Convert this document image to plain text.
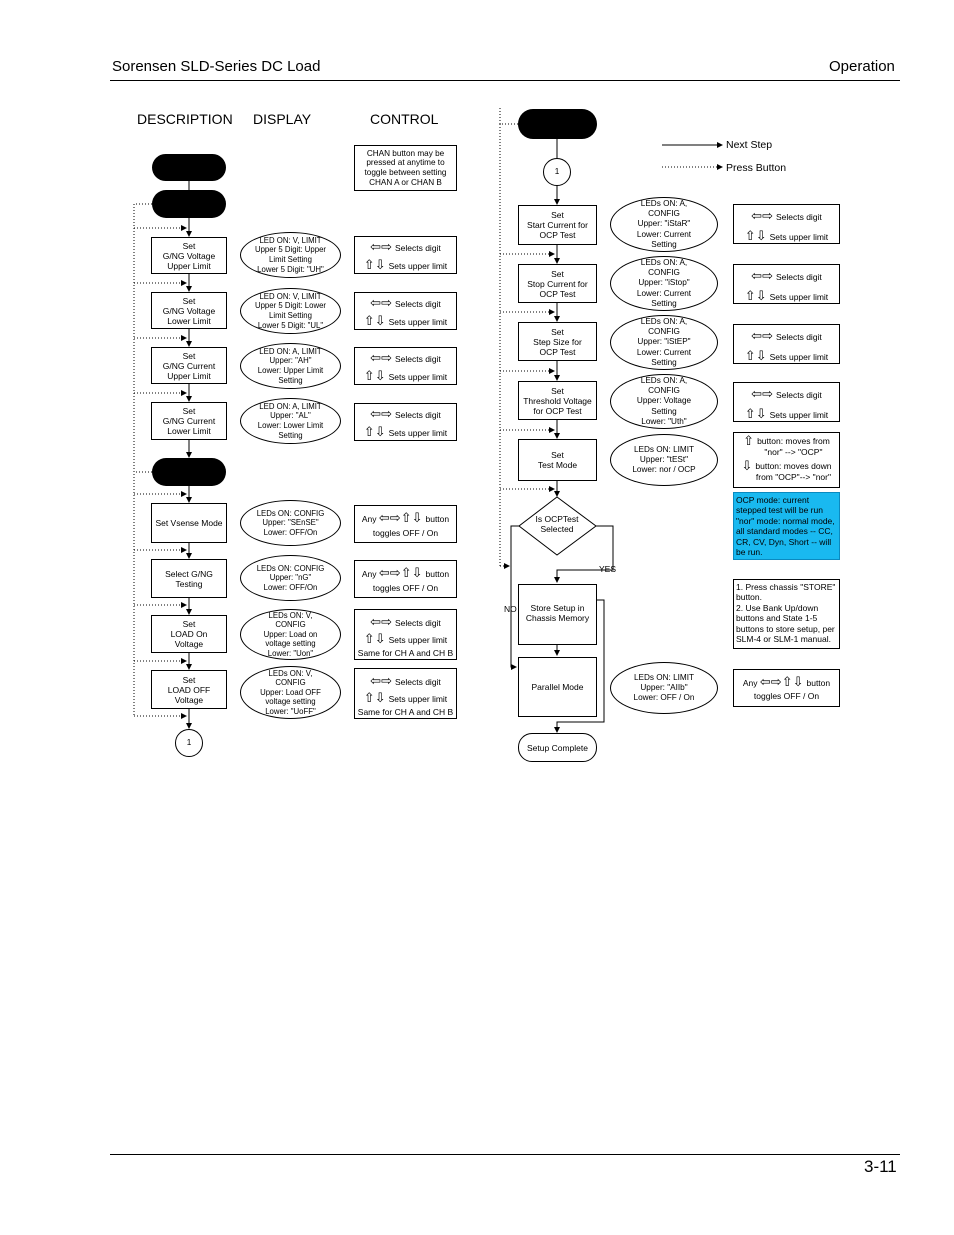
Sorensen SLD-Series DC Load	Operation
3-11
DESCRIPTION DISPLAY	CONTROL
CHAN button may be pressed at anytime to toggle between setting CHAN A or CHAN B
Set
G/NG Voltage
Upper Limit
LED ON: V, LIMIT
Upper 5 Digit: Upper
Limit Setting
Lower 5 Digit: "UH"
⇦⇨ Selects digit
⇧⇩ Sets upper limit
Set
G/NG Voltage
Lower Limit
LED ON: V, LIMIT
Upper 5 Digit: Lower
Limit Setting
Lower 5 Digit: "UL"
⇦⇨ Selects digit
⇧⇩ Sets upper limit
Set
G/NG Current
Upper Limit
LED ON: A, LIMIT
Upper: "AH"
Lower: Upper Limit
Setting
⇦⇨ Selects digit
⇧⇩ Sets upper limit
Set
G/NG Current
Lower Limit
LED ON: A, LIMIT
Upper: "AL"
Lower: Lower Limit
Setting
⇦⇨ Selects digit
⇧⇩ Sets upper limit
Set Vsense Mode
LEDs ON: CONFIG
Upper: "SEnSE"
Lower: OFF/On
Any
⇦⇨⇧⇩ button
toggles OFF / On
Select G/NG
Testing
LEDs ON: CONFIG
Upper: "nG"
Lower: OFF/On
Any
⇦⇨⇧⇩ button
toggles OFF / On
Set
LOAD On
Voltage
LEDs ON: V,
CONFIG
Upper: Load on
voltage setting
Lower: "Uon"
⇦⇨ Selects digit
⇧⇩ Sets upper limit
Same for CH A and CH B
Set
LOAD OFF
Voltage
LEDs ON: V,
CONFIG
Upper: Load OFF
voltage setting
Lower: "UoFF"
⇦⇨ Selects digit
⇧⇩ Sets upper limit
Same for CH A and CH B
1
1
Next Step
Press Button
Set
Start Current for
OCP Test
LEDs ON: A,
CONFIG
Upper: "iStaR"
Lower: Current
Setting
⇦⇨ Selects digit
⇧⇩ Sets upper limit
Set
Stop Current for
OCP Test
LEDs ON: A,
CONFIG
Upper: "iStop"
Lower: Current
Setting
⇦⇨ Selects digit
⇧⇩ Sets upper limit
Set
Step Size for
OCP Test
LEDs ON: A,
CONFIG
Upper: "iStEP"
Lower: Current
Setting
⇦⇨ Selects digit
⇧⇩ Sets upper limit
Set
Threshold Voltage
for OCP Test
LEDs ON: A,
CONFIG
Upper: Voltage
Setting
Lower: "Uth"
⇦⇨ Selects digit
⇧⇩ Sets upper limit
Set
Test Mode
LEDs ON: LIMIT
Upper: "tESt"
Lower: nor / OCP
⇧ button: moves from
"nor" --> "OCP"
⇩ button: moves down
from "OCP"--> "nor"
OCP mode: current stepped test will be run "nor" mode: normal mode, all standard modes -- CC, CR, CV, Dyn, Short -- will be run.
Is OCPTest
Selected
YES
NO	Store Setup in
Chassis Memory
1. Press chassis "STORE" button.
2. Use Bank Up/down buttons and State 1-5 buttons to store setup, per SLM-4 or SLM-1 manual.
Parallel Mode
LEDs ON: LIMIT
Upper: "AIIb"
Lower: OFF / On
Any
⇦⇨⇧⇩ button
toggles OFF / On
Setup Complete
